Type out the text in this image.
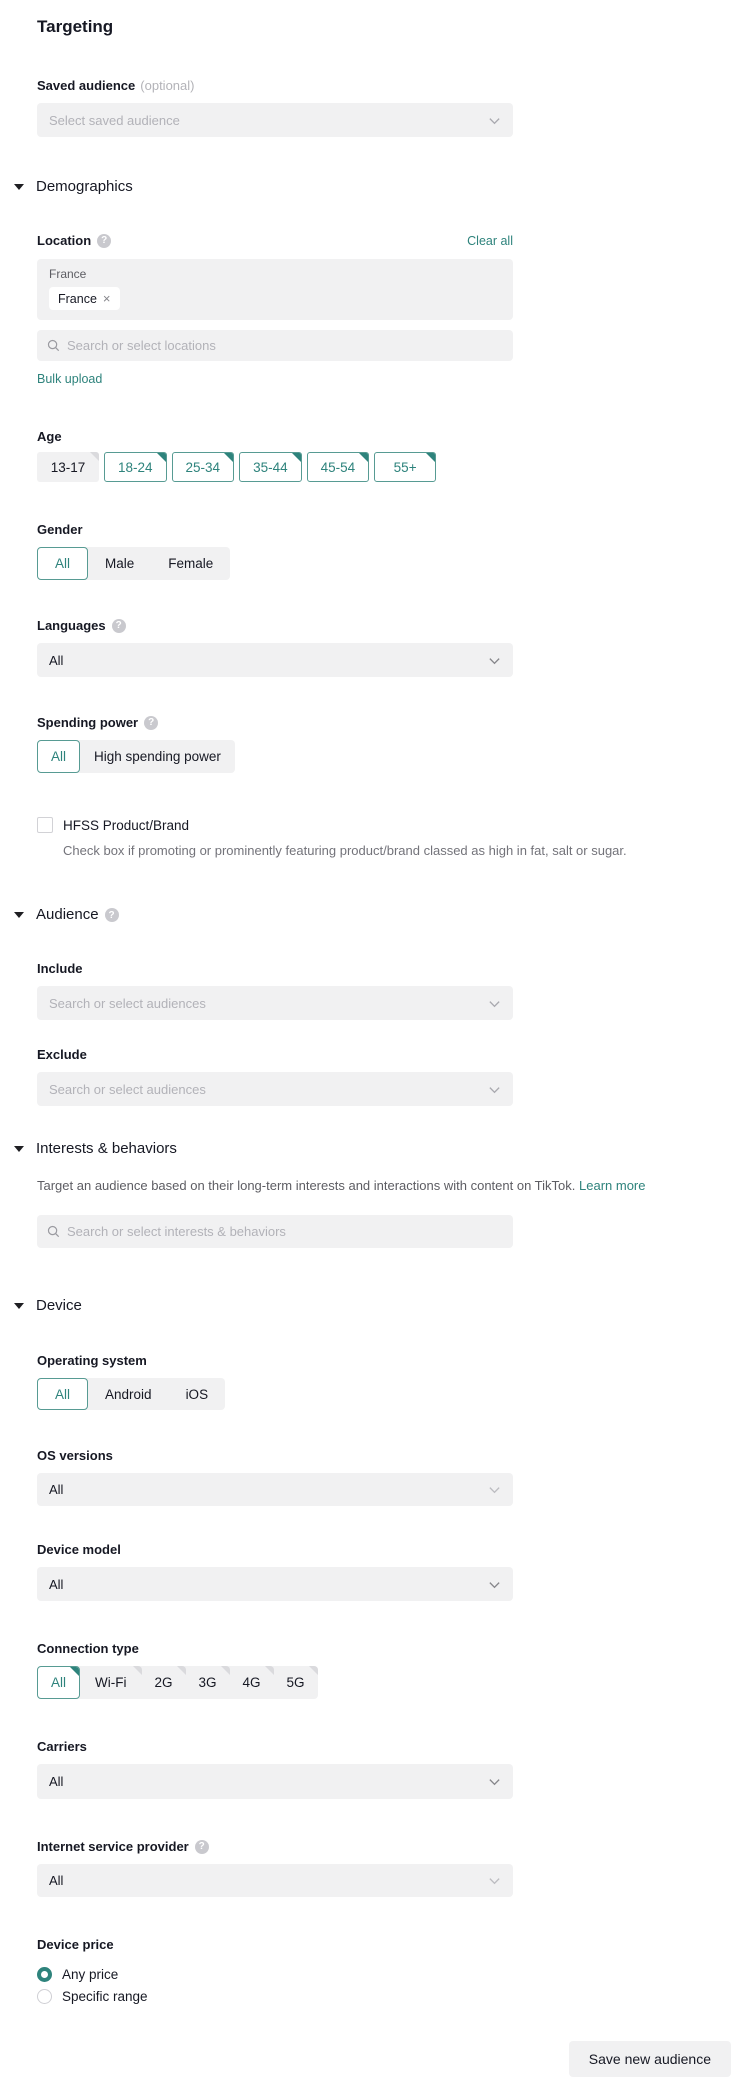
Targeting
Saved audience (optional)
Select saved audience
Demographics
Location ?	Clear all
France
France ×
Search or select locations
Bulk upload
Age
13-17 18-24 25-34 35-44 45-54	55+
Gender
All	Male	Female
Languages ?
All
Spending power ?
All High spending power
HFSS Product/Brand
Check box if promoting or prominently featuring product/brand classed as high in fat, salt or sugar.
Audience ?
Include
Search or select audiences
Exclude
Search or select audiences
Interests & behaviors
Target an audience based on their long-term interests and interactions with content on TikTok. Learn more
Search or select interests & behaviors
Device
Operating system
All	Android	iOS
OS versions
All
Device model
All
Connection type
All Wi-Fi 2G 3G 4G 5G
Carriers
All
Internet service provider ?
All
Device price
Any price
Specific range
Save new audience
